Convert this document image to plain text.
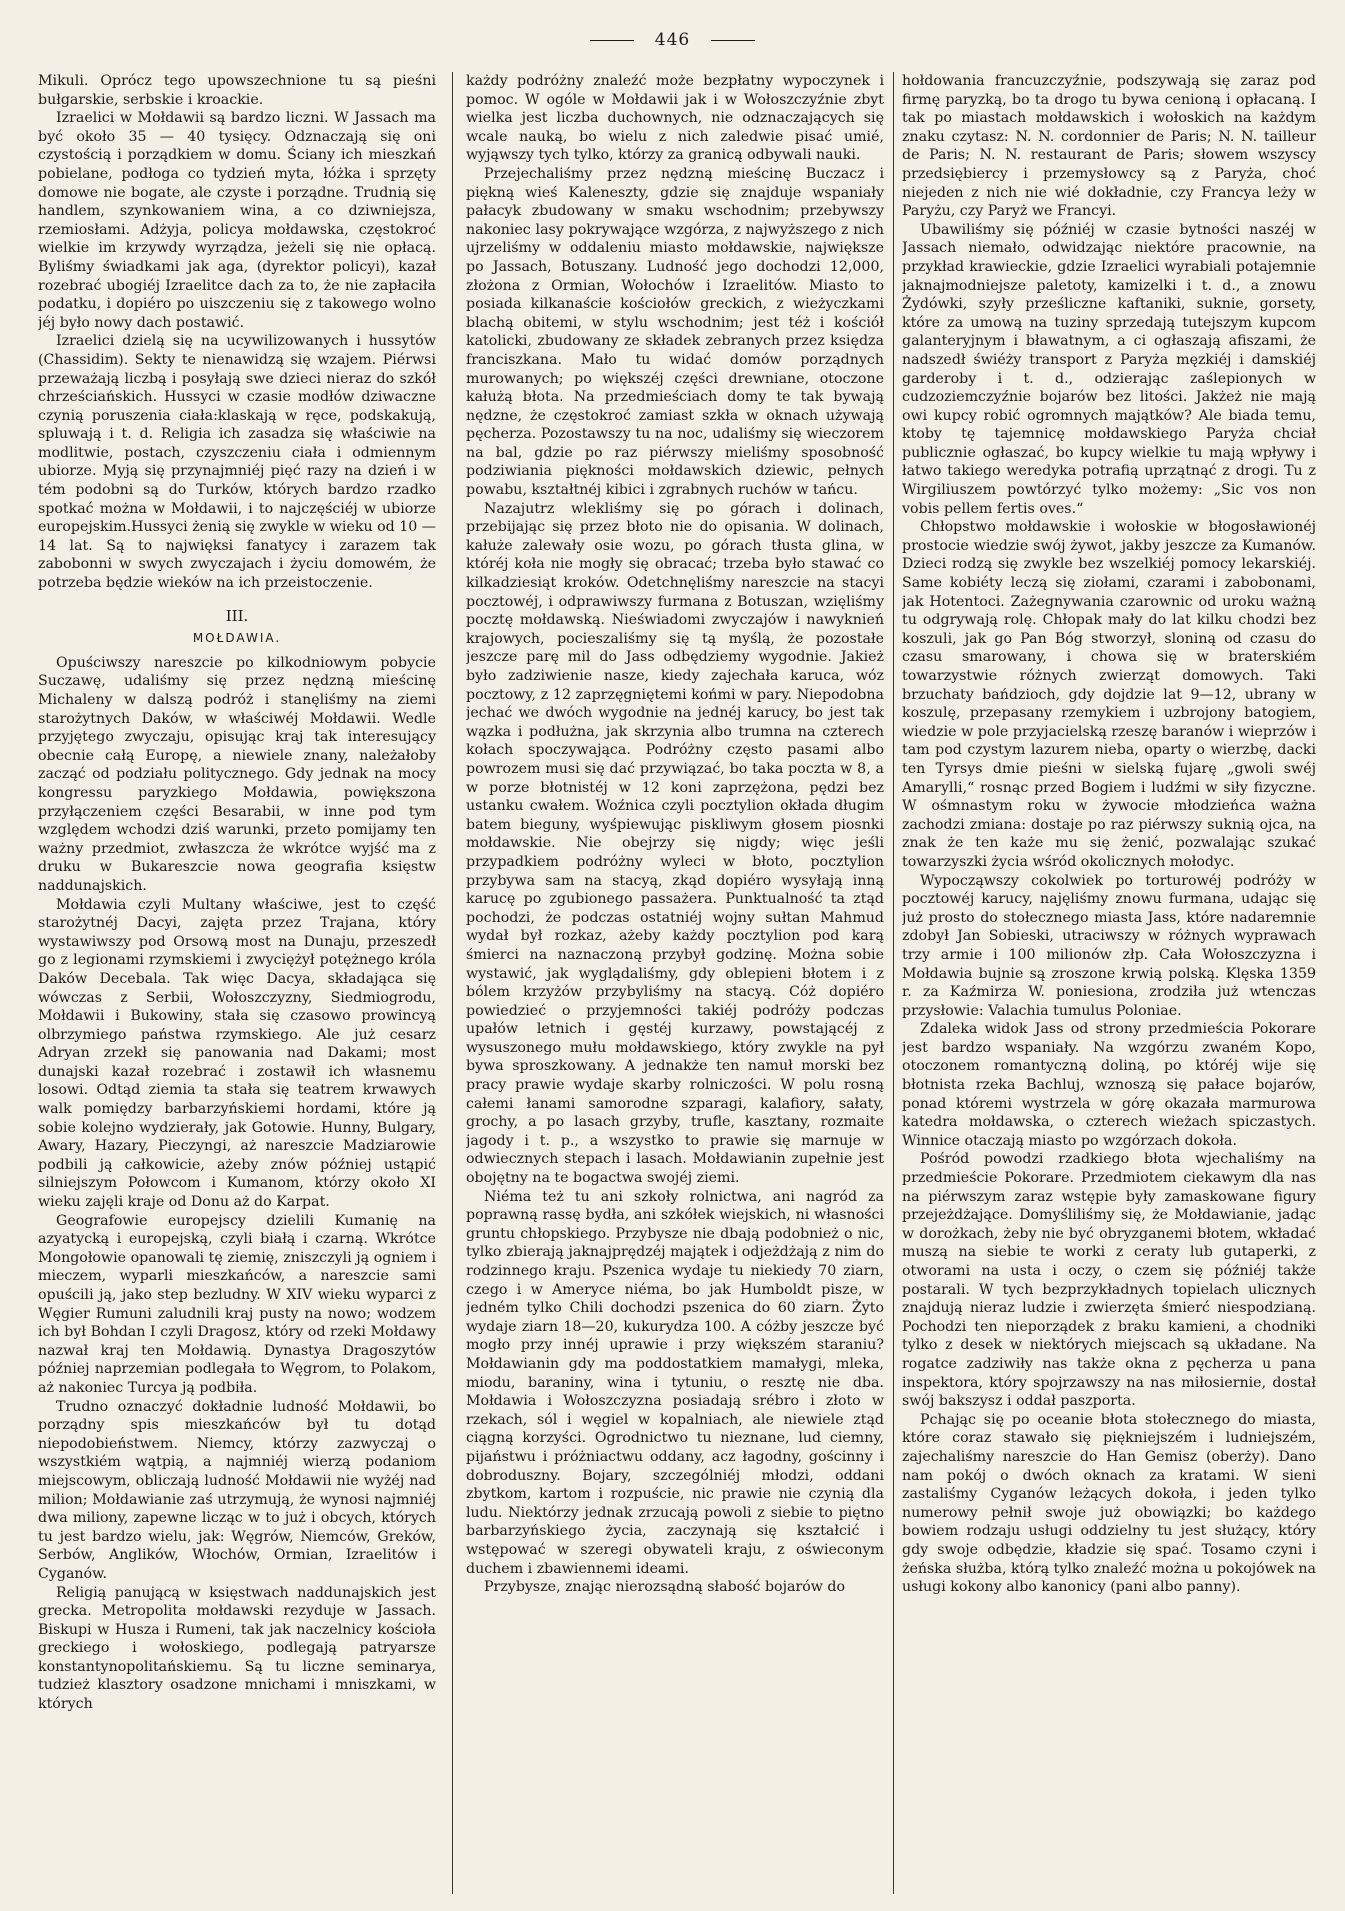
446

Mikuli. Oprócz tego upowszechnione tu są pieśni bułgarskie, serbskie i kroackie.

Izraelici w Mołdawii są bardzo liczni. W Jassach ma być około 35 — 40 tysięcy. Odznaczają się oni czystością i porządkiem w domu. Ściany ich mieszkań pobielane, podłoga co tydzień myta, łóżka i sprzęty domowe nie bogate, ale czyste i porządne. Trudnią się handlem, szynkowaniem wina, a co dziwniejsza, rzemiosłami. Adżyja, policya mołdawska, częstokroć wielkie im krzywdy wyrządza, jeżeli się nie opłacą. Byliśmy świadkami jak aga, (dyrektor policyi), kazał rozebrać ubogiéj Izraelitce dach za to, że nie zapłaciła podatku, i dopiéro po uiszczeniu się z takowego wolno jéj było nowy dach postawić.

Izraelici dzielą się na ucywilizowanych i hussytów (Chassidim). Sekty te nienawidzą się wzajem. Piérwsi przeważają liczbą i posyłają swe dzieci nieraz do szkół chrześciańskich. Hussyci w czasie modłów dziwaczne czynią poruszenia ciała:klaskają w ręce, podskakują, spluwają i t. d. Religia ich zasadza się właściwie na modlitwie, postach, czyszczeniu ciała i odmiennym ubiorze. Myją się przynajmniéj pięć razy na dzień i w tém podobni są do Turków, których bardzo rzadko spotkać można w Mołdawii, i to najczęściéj w ubiorze europejskim.Hussyci żenią się zwykle w wieku od 10 — 14 lat. Są to najwięksi fanatycy i zarazem tak zabobonni w swych zwyczajach i życiu domowém, że potrzeba będzie wieków na ich przeistoczenie.

III.
MOŁDAWIA.

Opuściwszy nareszcie po kilkodniowym pobycie Suczawę, udaliśmy się przez nędzną mieścinę Michaleny w dalszą podróż i stanęliśmy na ziemi starożytnych Daków, w właściwéj Mołdawii. Wedle przyjętego zwyczaju, opisując kraj tak interesujący obecnie całą Europę, a niewiele znany, należałoby zacząć od podziału politycznego. Gdy jednak na mocy kongressu paryzkiego Mołdawia, powiększona przyłączeniem części Besarabii, w inne pod tym względem wchodzi dziś warunki, przeto pomijamy ten ważny przedmiot, zwłaszcza że wkrótce wyjść ma z druku w Bukareszcie nowa geografia księstw naddunajskich.

Mołdawia czyli Multany właściwe, jest to część starożytnéj Dacyi, zajęta przez Trajana, który wystawiwszy pod Orsową most na Dunaju, przeszedł go z legionami rzymskiemi i zwyciężył potężnego króla Daków Decebala. Tak więc Dacya, składająca się wówczas z Serbii, Wołoszczyzny, Siedmiogrodu, Mołdawii i Bukowiny, stała się czasowo prowincyą olbrzymiego państwa rzymskiego. Ale już cesarz Adryan zrzekł się panowania nad Dakami; most dunajski kazał rozebrać i zostawił ich własnemu losowi. Odtąd ziemia ta stała się teatrem krwawych walk pomiędzy barbarzyńskiemi hordami, które ją sobie kolejno wydzierały, jak Gotowie. Hunny, Bulgary, Awary, Hazary, Pieczyngi, aż nareszcie Madziarowie podbili ją całkowicie, ażeby znów później ustąpić silniejszym Połowcom i Kumanom, którzy około XI wieku zajęli kraje od Donu aż do Karpat.

Geografowie europejscy dzielili Kumanię na azyatycką i europejską, czyli białą i czarną. Wkrótce Mongołowie opanowali tę ziemię, zniszczyli ją ogniem i mieczem, wyparli mieszkańców, a nareszcie sami opuścili ją, jako step bezludny. W XIV wieku wyparci z Węgier Rumuni zaludnili kraj pusty na nowo; wodzem ich był Bohdan I czyli Dragosz, który od rzeki Mołdawy nazwał kraj ten Mołdawią. Dynastya Dragoszytów później naprzemian podlegała to Węgrom, to Polakom, aż nakoniec Turcya ją podbiła.

Trudno oznaczyć dokładnie ludność Mołdawii, bo porządny spis mieszkańców był tu dotąd niepodobieństwem. Niemcy, którzy zazwyczaj o wszystkiém wątpią, a najmniéj wierzą podaniom miejscowym, obliczają ludność Mołdawii nie wyżéj nad milion; Mołdawianie zaś utrzymują, że wynosi najmniéj dwa miliony, zapewne licząc w to już i obcych, których tu jest bardzo wielu, jak: Węgrów, Niemców, Greków, Serbów, Anglików, Włochów, Ormian, Izraelitów i Cyganów.

Religią panującą w księstwach naddunajskich jest grecka. Metropolita mołdawski rezyduje w Jassach. Biskupi w Husza i Rumeni, tak jak naczelnicy kościoła greckiego i wołoskiego, podlegają patryarsze konstantynopolitańskiemu. Są tu liczne seminarya, tudzież klasztory osadzone mnichami i mniszkami, w których

każdy podróżny znaleźć może bezpłatny wypoczynek i pomoc. W ogóle w Mołdawii jak i w Wołoszczyźnie zbyt wielka jest liczba duchownych, nie odznaczających się wcale nauką, bo wielu z nich zaledwie pisać umié, wyjąwszy tych tylko, którzy za granicą odbywali nauki.

Przejechaliśmy przez nędzną mieścinę Buczacz i piękną wieś Kaleneszty, gdzie się znajduje wspaniały pałacyk zbudowany w smaku wschodnim; przebywszy nakoniec lasy pokrywające wzgórza, z najwyższego z nich ujrzeliśmy w oddaleniu miasto mołdawskie, największe po Jassach, Botuszany. Ludność jego dochodzi 12,000, złożona z Ormian, Wołochów i Izraelitów. Miasto to posiada kilkanaście kościołów greckich, z wieżyczkami blachą obitemi, w stylu wschodnim; jest téż i kościół katolicki, zbudowany ze składek zebranych przez księdza franciszkana. Mało tu widać domów porządnych murowanych; po większéj części drewniane, otoczone kałużą błota. Na przedmieściach domy te tak bywają nędzne, że częstokroć zamiast szkła w oknach używają pęcherza. Pozostawszy tu na noc, udaliśmy się wieczorem na bal, gdzie po raz piérwszy mieliśmy sposobność podziwiania piękności mołdawskich dziewic, pełnych powabu, kształtnéj kibici i zgrabnych ruchów w tańcu.

Nazajutrz wlekliśmy się po górach i dolinach, przebijając się przez błoto nie do opisania. W dolinach, kałuże zalewały osie wozu, po górach tłusta glina, w któréj koła nie mogły się obracać; trzeba było stawać co kilkadziesiąt kroków. Odetchnęliśmy nareszcie na stacyi pocztowéj, i odprawiwszy furmana z Botuszan, wzięliśmy pocztę mołdawską. Nieświadomi zwyczajów i nawyknień krajowych, pocieszaliśmy się tą myślą, że pozostałe jeszcze parę mil do Jass odbędziemy wygodnie. Jakież było zadziwienie nasze, kiedy zajechała karuca, wóz pocztowy, z 12 zaprzęgniętemi końmi w pary. Niepodobna jechać we dwóch wygodnie na jednéj karucy, bo jest tak wązka i podłużna, jak skrzynia albo trumna na czterech kołach spoczywająca. Podróżny często pasami albo powrozem musi się dać przywiązać, bo taka poczta w 8, a w porze błotnistéj w 12 koni zaprzężona, pędzi bez ustanku cwałem. Woźnica czyli pocztylion okłada długim batem bieguny, wyśpiewując piskliwym głosem piosnki mołdawskie. Nie obejrzy się nigdy; więc jeśli przypadkiem podróżny wyleci w błoto, pocztylion przybywa sam na stacyą, zkąd dopiéro wysyłają inną karucę po zgubionego passażera. Punktualność ta ztąd pochodzi, że podczas ostatniéj wojny sułtan Mahmud wydał był rozkaz, ażeby każdy pocztylion pod karą śmierci na naznaczoną przybył godzinę. Można sobie wystawić, jak wyglądaliśmy, gdy oblepieni błotem i z bólem krzyżów przybyliśmy na stacyą. Cóż dopiéro powiedzieć o przyjemności takiéj podróży podczas upałów letnich i gęstéj kurzawy, powstającéj z wysuszonego mułu mołdawskiego, który zwykle na pył bywa sproszkowany. A jednakże ten namuł morski bez pracy prawie wydaje skarby rolniczości. W polu rosną całemi łanami samorodne szparagi, kalafiory, sałaty, grochy, a po lasach grzyby, trufle, kasztany, rozmaite jagody i t. p., a wszystko to prawie się marnuje w odwiecznych stepach i lasach. Mołdawianin zupełnie jest obojętny na te bogactwa swojéj ziemi.

Niéma też tu ani szkoły rolnictwa, ani nagród za poprawną rassę bydła, ani szkółek wiejskich, ni własności gruntu chłopskiego. Przybysze nie dbają podobnież o nic, tylko zbierają jaknajprędzéj majątek i odjeżdżają z nim do rodzinnego kraju. Pszenica wydaje tu niekiedy 70 ziarn, czego i w Ameryce niéma, bo jak Humboldt pisze, w jedném tylko Chili dochodzi pszenica do 60 ziarn. Żyto wydaje ziarn 18—20, kukurydza 100. A cóżby jeszcze być mogło przy innéj uprawie i przy większém staraniu? Mołdawianin gdy ma poddostatkiem mamałygi, mleka, miodu, baraniny, wina i tytuniu, o resztę nie dba. Mołdawia i Wołoszczyzna posiadają srébro i złoto w rzekach, sól i węgiel w kopalniach, ale niewiele ztąd ciągną korzyści. Ogrodnictwo tu nieznane, lud ciemny, pijaństwu i próżniactwu oddany, acz łagodny, gościnny i dobroduszny. Bojary, szczególniéj młodzi, oddani zbytkom, kartom i rozpuście, nic prawie nie czynią dla ludu. Niektórzy jednak zrzucają powoli z siebie to piętno barbarzyńskiego życia, zaczynają się kształcić i wstępować w szeregi obywateli kraju, z oświeconym duchem i zbawiennemi ideami.

Przybysze, znając nierozsądną słabość bojarów do

hołdowania francuzczyźnie, podszywają się zaraz pod firmę paryzką, bo ta drogo tu bywa cenioną i opłacaną. I tak po miastach mołdawskich i wołoskich na każdym znaku czytasz: N. N. cordonnier de Paris; N. N. tailleur de Paris; N. N. restaurant de Paris; słowem wszyscy przedsiębiercy i przemysłowcy są z Paryża, choć niejeden z nich nie wié dokładnie, czy Francya leży w Paryżu, czy Paryż we Francyi.

Ubawiliśmy się późniéj w czasie bytności naszéj w Jassach niemało, odwidzając niektóre pracownie, na przykład krawieckie, gdzie Izraelici wyrabiali potajemnie jaknajmodniejsze paletoty, kamizelki i t. d., a znowu Żydówki, szyły prześliczne kaftaniki, suknie, gorsety, które za umową na tuziny sprzedają tutejszym kupcom galanteryjnym i bławatnym, a ci ogłaszają afiszami, że nadszedł świéży transport z Paryża męzkiéj i damskiéj garderoby i t. d., odzierając zaślepionych w cudzoziemczyźnie bojarów bez litości. Jakżeż nie mają owi kupcy robić ogromnych majątków? Ale biada temu, ktoby tę tajemnicę mołdawskiego Paryża chciał publicznie ogłaszać, bo kupcy wielkie tu mają wpływy i łatwo takiego weredyka potrafią uprzątnąć z drogi. Tu z Wirgiliuszem powtórzyć tylko możemy: „Sic vos non vobis pellem fertis oves.“

Chłopstwo mołdawskie i wołoskie w błogosławionéj prostocie wiedzie swój żywot, jakby jeszcze za Kumanów. Dzieci rodzą się zwykle bez wszelkiéj pomocy lekarskiéj. Same kobiéty leczą się ziołami, czarami i zabobonami, jak Hotentoci. Zażegnywania czarownic od uroku ważną tu odgrywają rolę. Chłopak mały do lat kilku chodzi bez koszuli, jak go Pan Bóg stworzył, sloniną od czasu do czasu smarowany, i chowa się w braterskiém towarzystwie różnych zwierząt domowych. Taki brzuchaty bańdzioch, gdy dojdzie lat 9—12, ubrany w koszulę, przepasany rzemykiem i uzbrojony batogiem, wiedzie w pole przyjacielską rzeszę baranów i wieprzów i tam pod czystym lazurem nieba, oparty o wierzbę, dacki ten Tyrsys dmie pieśni w sielską fujarę „gwoli swéj Amarylli,“ rosnąc przed Bogiem i ludźmi w siły fizyczne. W ośmnastym roku w żywocie młodzieńca ważna zachodzi zmiana: dostaje po raz piérwszy suknią ojca, na znak że ten każe mu się żenić, pozwalając szukać towarzyszki życia wśród okolicznych mołodyc.

Wypocząwszy cokolwiek po torturowéj podróży w pocztowéj karucy, najęliśmy znowu furmana, udając się już prosto do stołecznego miasta Jass, które nadaremnie zdobył Jan Sobieski, utraciwszy w różnych wyprawach trzy armie i 100 milionów złp. Cała Wołoszczyzna i Mołdawia bujnie są zroszone krwią polską. Klęska 1359 r. za Kaźmirza W. poniesiona, zrodziła już wtenczas przysłowie: Valachia tumulus Poloniae.

Zdaleka widok Jass od strony przedmieścia Pokorare jest bardzo wspaniały. Na wzgórzu zwaném Kopo, otoczonem romantyczną doliną, po któréj wije się błotnista rzeka Bachluj, wznoszą się pałace bojarów, ponad któremi wystrzela w górę okazała marmurowa katedra mołdawska, o czterech wieżach spiczastych. Winnice otaczają miasto po wzgórzach dokoła.

Pośród powodzi rzadkiego błota wjechaliśmy na przedmieście Pokorare. Przedmiotem ciekawym dla nas na piérwszym zaraz wstępie były zamaskowane figury przejeżdżające. Domyśliliśmy się, że Mołdawianie, jadąc w dorożkach, żeby nie być obryzganemi błotem, wkładać muszą na siebie te worki z ceraty lub gutaperki, z otworami na usta i oczy, o czem się późniéj także postarali. W tych bezprzykładnych topielach ulicznych znajdują nieraz ludzie i zwierzęta śmierć niespodzianą. Pochodzi ten nieporządek z braku kamieni, a chodniki tylko z desek w niektórych miejscach są układane. Na rogatce zadziwiły nas także oknа z pęcherza u pana inspektora, który spojrzawszy na nas miłosiernie, dostał swój bakszysz i oddał paszporta.

Pchając się po oceanie błota stołecznego do miasta, które coraz stawało się piękniejszém i ludniejszém, zajechaliśmy nareszcie do Han Gemisz (oberży). Dano nam pokój o dwóch oknach za kratami. W sieni zastaliśmy Cyganów leżących dokoła, i jeden tylko numerowy pełnił swoje już obowiązki; bo każdego bowiem rodzaju usługi oddzielny tu jest służący, który gdy swoje odbędzie, kładzie się spać. Tosamo czyni i żeńska służba, którą tylko znaleźć można u pokojówek na usługi kokony albo kanonicy (pani albo panny).
